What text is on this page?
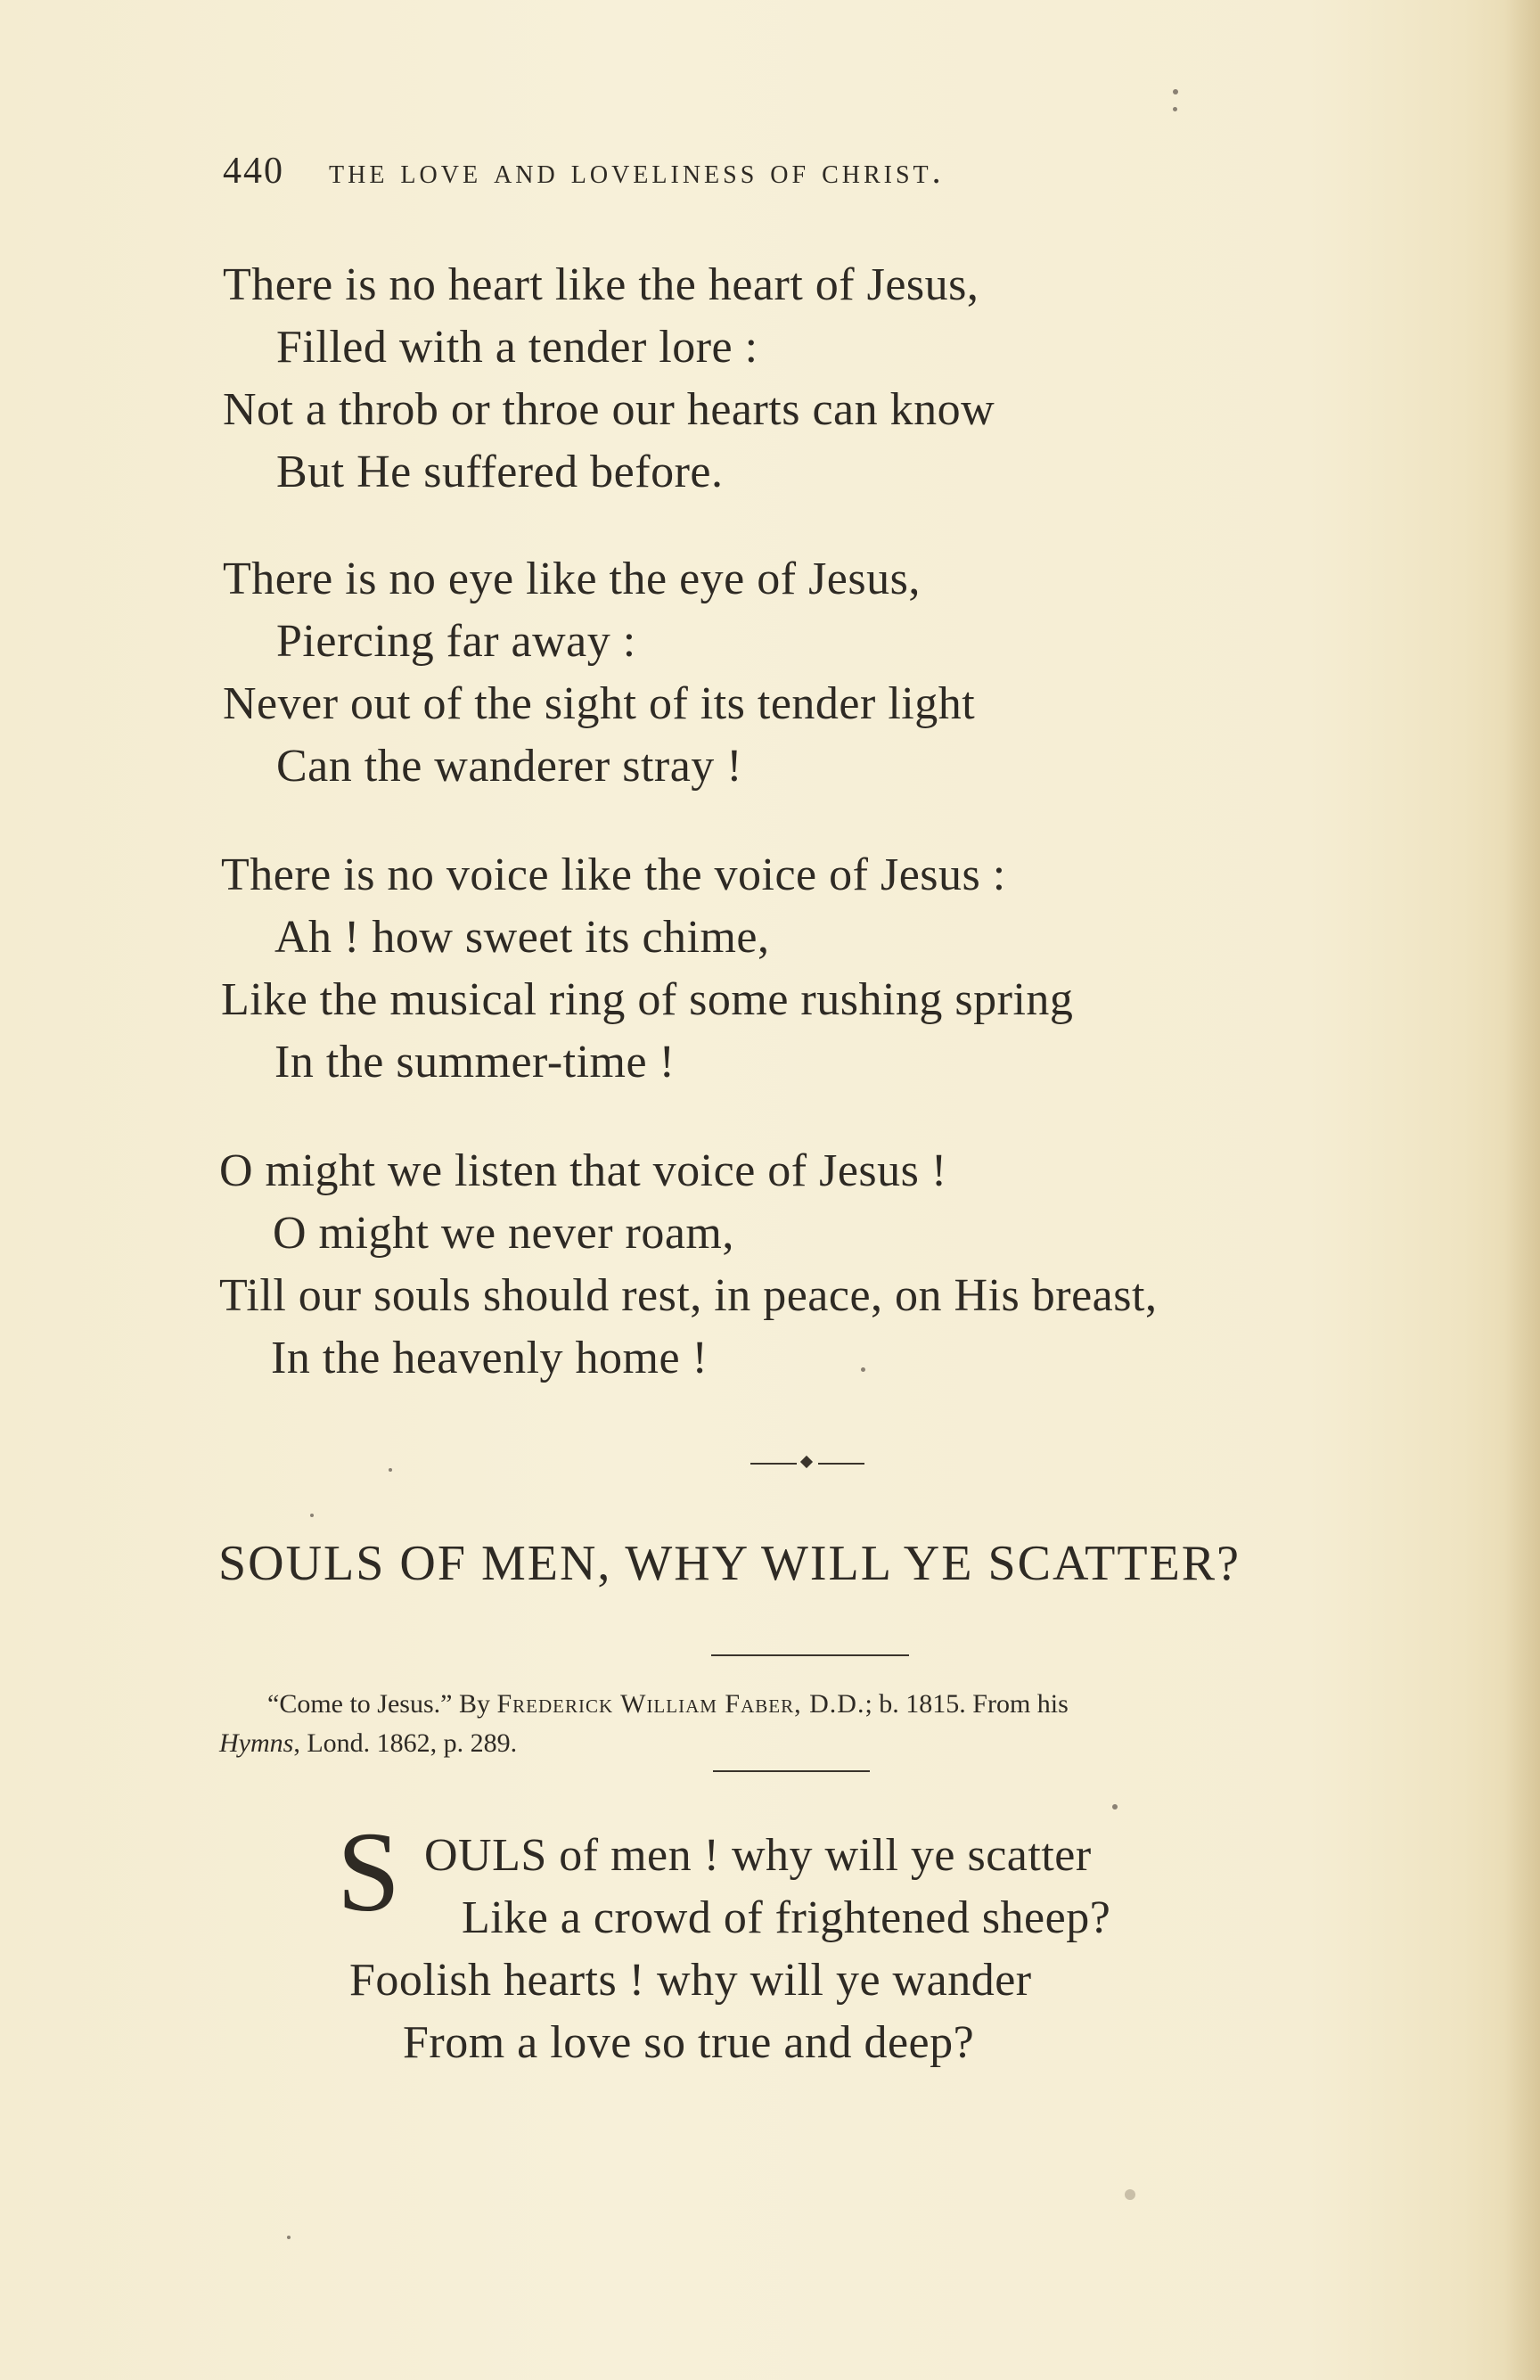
440 the love and loveliness of christ.
There is no heart like the heart of Jesus,
Filled with a tender lore :
Not a throb or throe our hearts can know
But He suffered before.
There is no eye like the eye of Jesus,
Piercing far away :
Never out of the sight of its tender light
Can the wanderer stray !
There is no voice like the voice of Jesus :
Ah ! how sweet its chime,
Like the musical ring of some rushing spring
In the summer-time !
O might we listen that voice of Jesus !
O might we never roam,
Till our souls should rest, in peace, on His breast,
In the heavenly home !
SOULS OF MEN, WHY WILL YE SCATTER?
“Come to Jesus.” By Frederick William Faber, D.D.; b. 1815. From his
Hymns, Lond. 1862, p. 289.
S OULS of men ! why will ye scatter
Like a crowd of frightened sheep?
Foolish hearts ! why will ye wander
From a love so true and deep?
